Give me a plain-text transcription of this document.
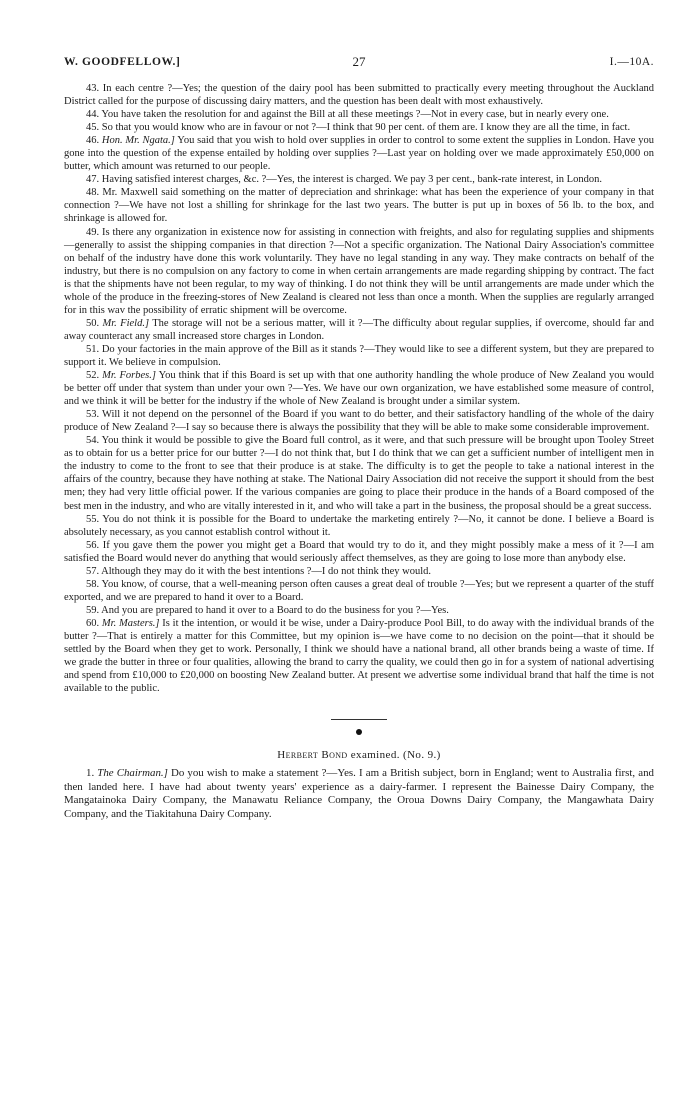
W. GOODFELLOW.]	27	I.—10A.

43. In each centre ?—Yes; the question of the dairy pool has been submitted to practically every meeting throughout the Auckland District called for the purpose of discussing dairy matters, and the question has been dealt with most exhaustively.

44. You have taken the resolution for and against the Bill at all these meetings ?—Not in every case, but in nearly every one.

45. So that you would know who are in favour or not ?—I think that 90 per cent. of them are. I know they are all the time, in fact.

46. Hon. Mr. Ngata.] You said that you wish to hold over supplies in order to control to some extent the supplies in London. Have you gone into the question of the expense entailed by holding over supplies ?—Last year on holding over we made approximately £50,000 on butter, which amount was returned to our people.

47. Having satisfied interest charges, &c. ?—Yes, the interest is charged. We pay 3 per cent., bank-rate interest, in London.

48. Mr. Maxwell said something on the matter of depreciation and shrinkage: what has been the experience of your company in that connection ?—We have not lost a shilling for shrinkage for the last two years. The butter is put up in boxes of 56 lb. to the box, and shrinkage is allowed for.

49. Is there any organization in existence now for assisting in connection with freights, and also for regulating supplies and shipments—generally to assist the shipping companies in that direction ?—Not a specific organization. The National Dairy Association's committee on behalf of the industry have done this work voluntarily. They have no legal standing in any way. They make contracts on behalf of the industry, but there is no compulsion on any factory to come in when certain arrangements are made regarding shipping by contract. The fact is that the shipments have not been regular, to my way of thinking. I do not think they will be until arrangements are made under which the whole of the produce in the freezing-stores of New Zealand is cleared not less than once a month. When the supplies are regularly arranged for in this wav the possibility of erratic shipment will be overcome.

50. Mr. Field.] The storage will not be a serious matter, will it ?—The difficulty about regular supplies, if overcome, should far and away counteract any small increased store charges in London.

51. Do your factories in the main approve of the Bill as it stands ?—They would like to see a different system, but they are prepared to support it. We believe in compulsion.

52. Mr. Forbes.] You think that if this Board is set up with that one authority handling the whole produce of New Zealand you would be better off under that system than under your own ?—Yes. We have our own organization, we have established some measure of control, and we think it will be better for the industry if the whole of New Zealand is brought under a similar system.

53. Will it not depend on the personnel of the Board if you want to do better, and their satisfactory handling of the whole of the dairy produce of New Zealand ?—I say so because there is always the possibility that they will be able to make some considerable improvement.

54. You think it would be possible to give the Board full control, as it were, and that such pressure will be brought upon Tooley Street as to obtain for us a better price for our butter ?—I do not think that, but I do think that we can get a sufficient number of intelligent men in the industry to come to the front to see that their produce is at stake. The difficulty is to get the people to take a national interest in the affairs of the country, because they have nothing at stake. The National Dairy Association did not receive the support it should from the best men; they had very little official power. If the various companies are going to place their produce in the hands of a Board composed of the best men in the industry, and who are vitally interested in it, and who will take a part in the business, the proposal should be a great success.

55. You do not think it is possible for the Board to undertake the marketing entirely ?—No, it cannot be done. I believe a Board is absolutely necessary, as you cannot establish control without it.

56. If you gave them the power you might get a Board that would try to do it, and they might possibly make a mess of it ?—I am satisfied the Board would never do anything that would seriously affect themselves, as they are going to lose more than anybody else.

57. Although they may do it with the best intentions ?—I do not think they would.

58. You know, of course, that a well-meaning person often causes a great deal of trouble ?—Yes; but we represent a quarter of the stuff exported, and we are prepared to hand it over to a Board.

59. And you are prepared to hand it over to a Board to do the business for you ?—Yes.

60. Mr. Masters.] Is it the intention, or would it be wise, under a Dairy-produce Pool Bill, to do away with the individual brands of the butter ?—That is entirely a matter for this Committee, but my opinion is—we have come to no decision on the point—that it should be settled by the Board when they get to work. Personally, I think we should have a national brand, all other brands being a waste of time. If we grade the butter in three or four qualities, allowing the brand to carry the quality, we could then go in for a system of national advertising and spend from £10,000 to £20,000 on boosting New Zealand butter. At present we advertise some individual brand that half the time is not available to the public.

Herbert Bond examined. (No. 9.)

1. The Chairman.] Do you wish to make a statement ?—Yes. I am a British subject, born in England; went to Australia first, and then landed here. I have had about twenty years' experience as a dairy-farmer. I represent the Bainesse Dairy Company, the Mangatainoka Dairy Company, the Manawatu Reliance Company, the Oroua Downs Dairy Company, the Mangawhata Dairy Company, and the Tiakitahuna Dairy Company.
